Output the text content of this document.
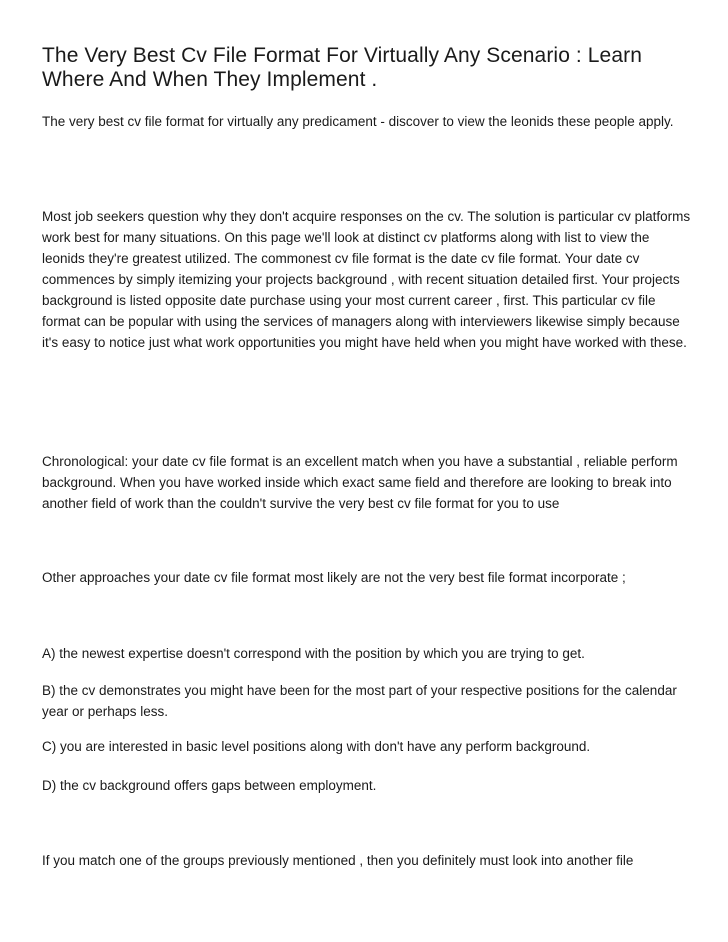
The Very Best Cv File Format For Virtually Any Scenario : Learn Where And When They Implement .

The very best cv file format for virtually any predicament - discover to view the leonids these people apply.

Most job seekers question why they don't acquire responses on the cv. The solution is particular cv platforms work best for many situations. On this page we'll look at distinct cv platforms along with list to view the leonids they're greatest utilized. The commonest cv file format is the date cv file format. Your date cv commences by simply itemizing your projects background , with recent situation detailed first. Your projects background is listed opposite date purchase using your most current career , first. This particular cv file format can be popular with using the services of managers along with interviewers likewise simply because it's easy to notice just what work opportunities you might have held when you might have worked with these.

Chronological: your date cv file format is an excellent match when you have a substantial , reliable perform background. When you have worked inside which exact same field and therefore are looking to break into another field of work than the couldn't survive the very best cv file format for you to use

Other approaches your date cv file format most likely are not the very best file format incorporate ;

A) the newest expertise doesn't correspond with the position by which you are trying to get.

B) the cv demonstrates you might have been for the most part of your respective positions for the calendar year or perhaps less.

C) you are interested in basic level positions along with don't have any perform background.

D) the cv background offers gaps between employment.

If you match one of the groups previously mentioned , then you definitely must look into another file
